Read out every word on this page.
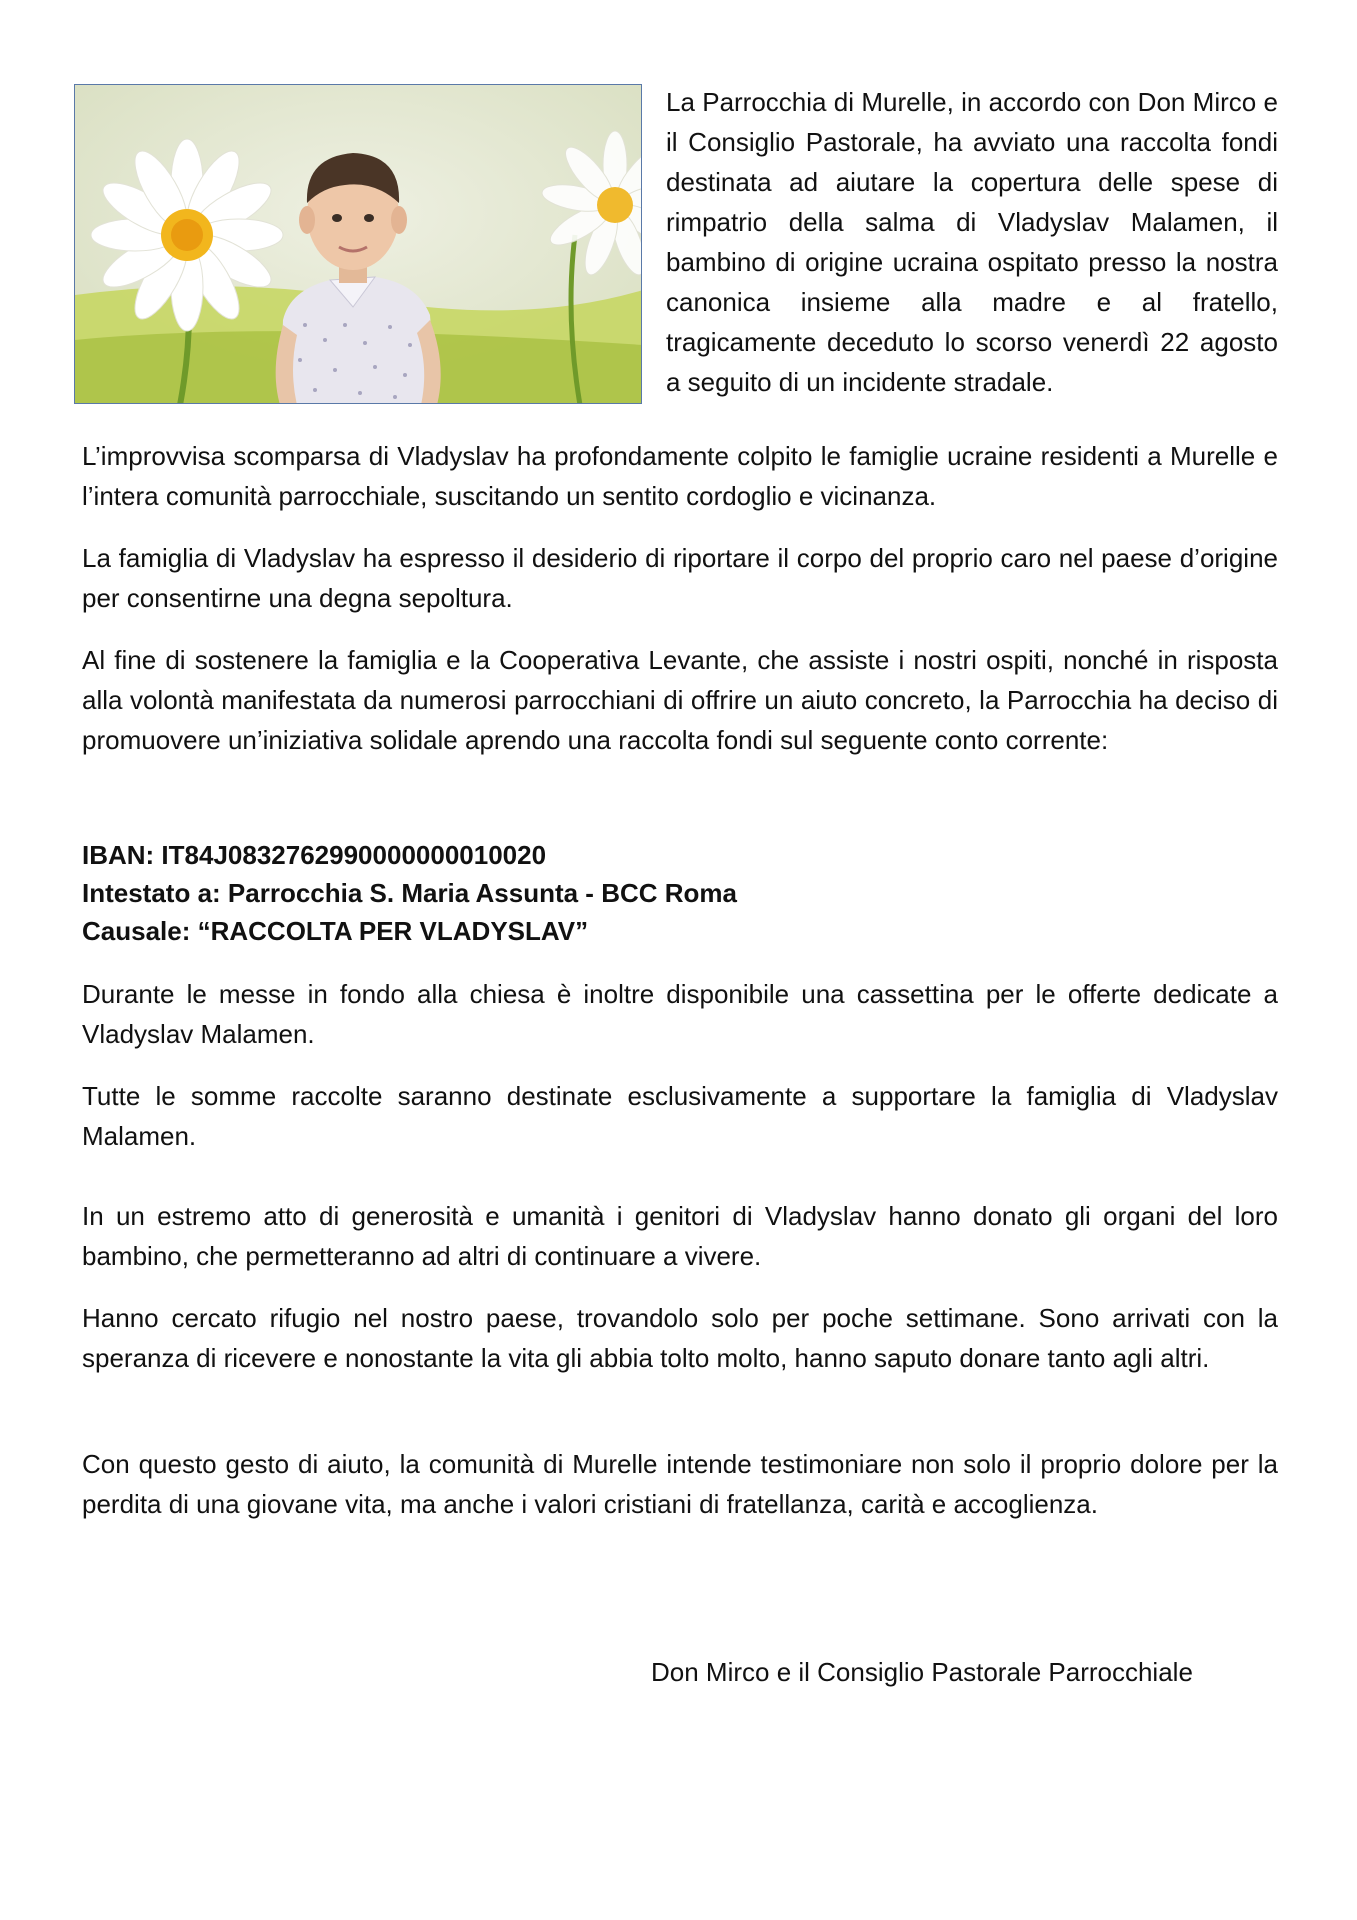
La Parrocchia di Murelle, in accordo con Don Mirco e il Consiglio Pastorale, ha avviato una raccolta fondi destinata ad aiutare la copertura delle spese di rimpatrio della salma di Vladyslav Malamen, il bambino di origine ucraina ospitato presso la nostra canonica insieme alla madre e al fratello, tragicamente deceduto lo scorso venerdì 22 agosto a seguito di un incidente stradale.

L’improvvisa scomparsa di Vladyslav ha profondamente colpito le famiglie ucraine residenti a Murelle e l’intera comunità parrocchiale, suscitando un sentito cordoglio e vicinanza.

La famiglia di Vladyslav ha espresso il desiderio di riportare il corpo del proprio caro nel paese d’origine per consentirne una degna sepoltura.

Al fine di sostenere la famiglia e la Cooperativa Levante, che assiste i nostri ospiti, nonché in risposta alla volontà manifestata da numerosi parrocchiani di offrire un aiuto concreto, la Parrocchia ha deciso di promuovere un’iniziativa solidale aprendo una raccolta fondi sul seguente conto corrente:

IBAN: IT84J0832762990000000010020
Intestato a: Parrocchia S. Maria Assunta - BCC Roma
Causale: “RACCOLTA PER VLADYSLAV”

Durante le messe in fondo alla chiesa è inoltre disponibile una cassettina per le offerte dedicate a Vladyslav Malamen.

Tutte le somme raccolte saranno destinate esclusivamente a supportare la famiglia di Vladyslav Malamen.

In un estremo atto di generosità e umanità i genitori di Vladyslav hanno donato gli organi del loro bambino, che permetteranno ad altri di continuare a vivere.

Hanno cercato rifugio nel nostro paese, trovandolo solo per poche settimane. Sono arrivati con la speranza di ricevere e nonostante la vita gli abbia tolto molto, hanno saputo donare tanto agli altri.

Con questo gesto di aiuto, la comunità di Murelle intende testimoniare non solo il proprio dolore per la perdita di una giovane vita, ma anche i valori cristiani di fratellanza, carità e accoglienza.

Don Mirco e il Consiglio Pastorale Parrocchiale
